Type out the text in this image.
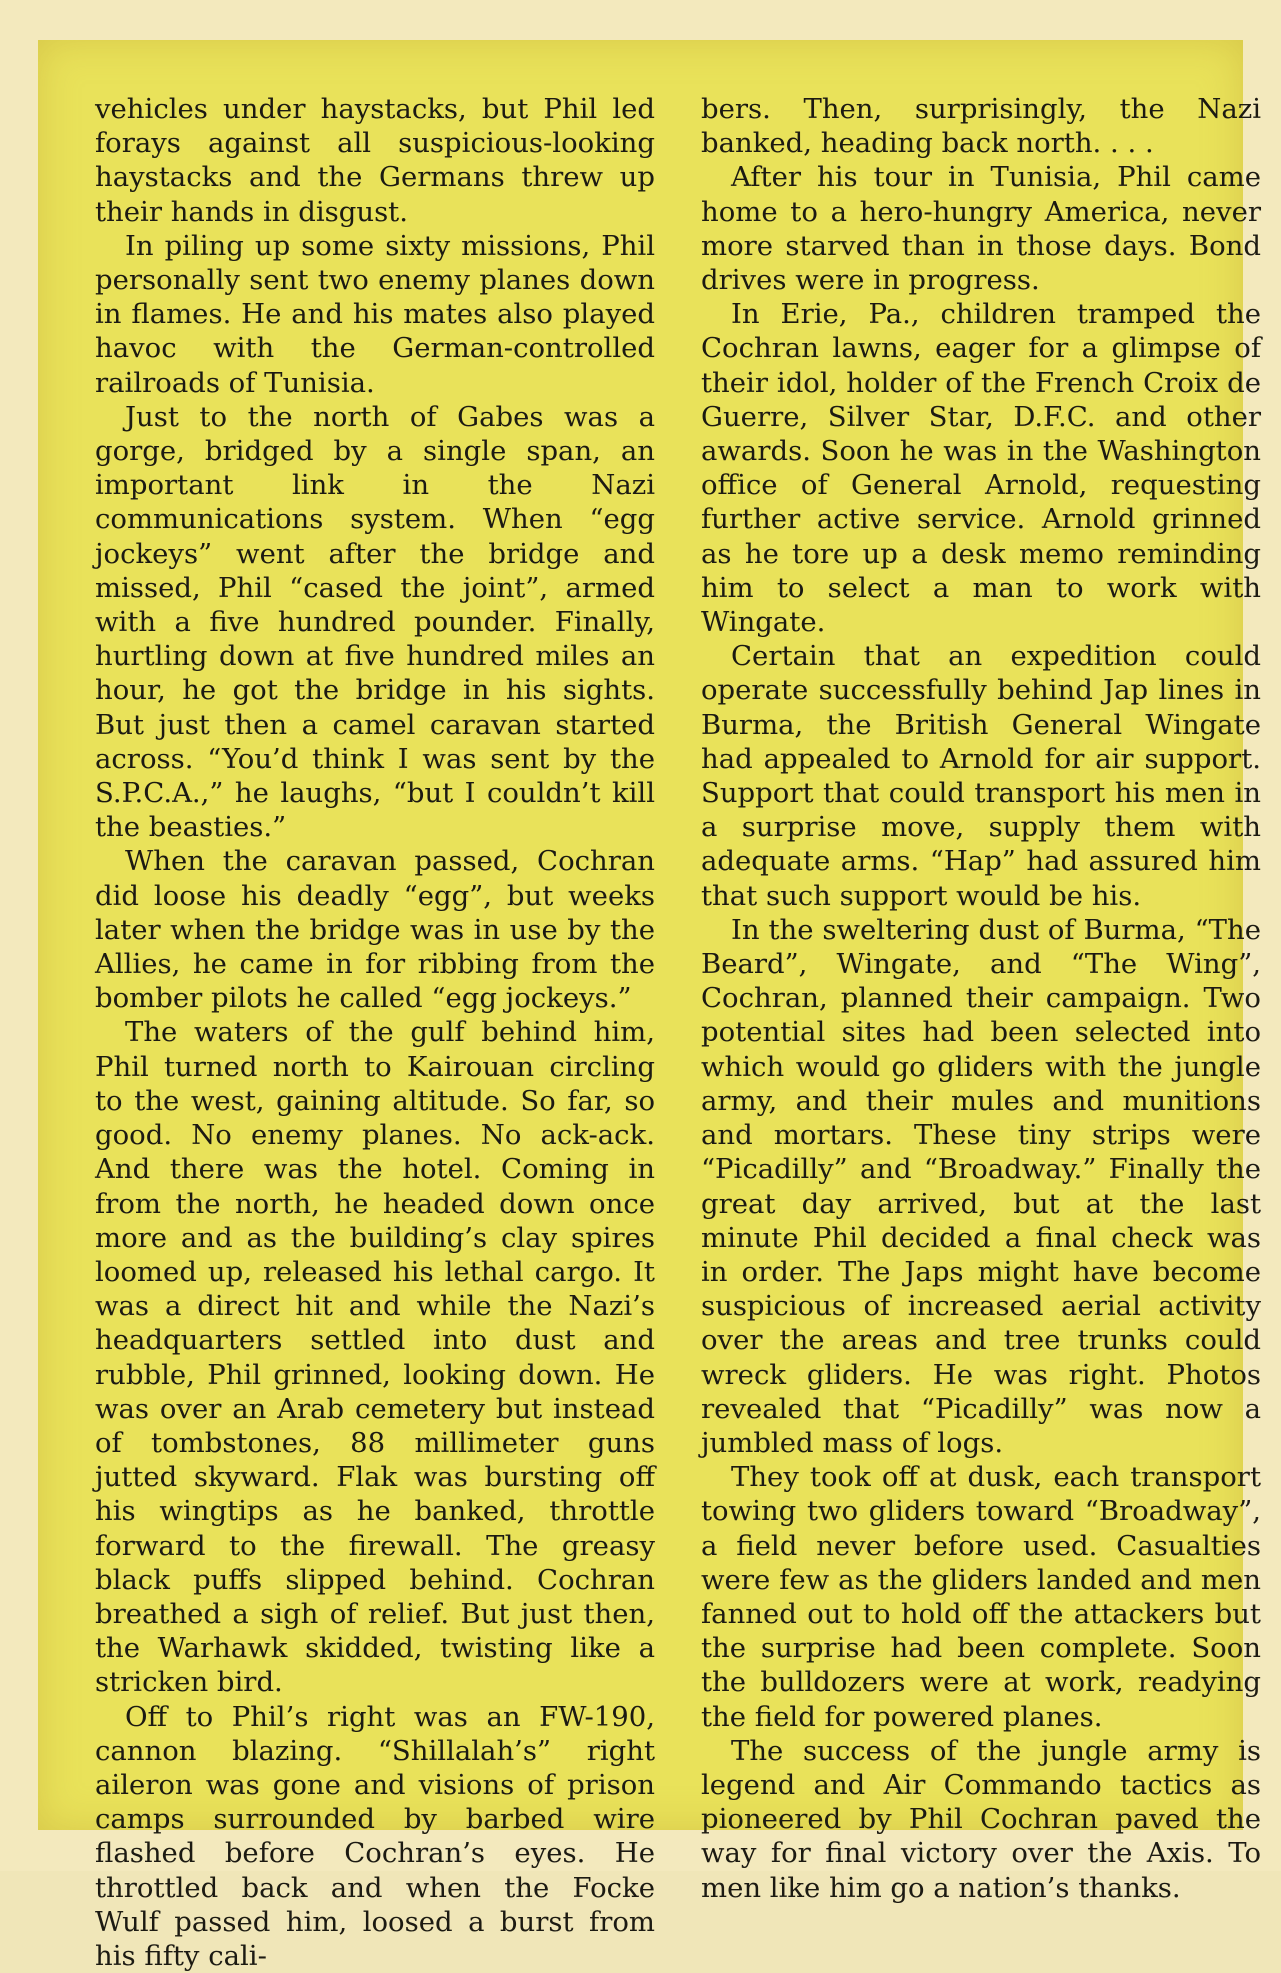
vehicles under haystacks, but Phil led forays against all suspicious-looking haystacks and the Germans threw up their hands in disgust.

In piling up some sixty missions, Phil personally sent two enemy planes down in flames. He and his mates also played havoc with the German-controlled railroads of Tunisia.

Just to the north of Gabes was a gorge, bridged by a single span, an important link in the Nazi communications system. When “egg jockeys” went after the bridge and missed, Phil “cased the joint”, armed with a five hundred pounder. Finally, hurtling down at five hundred miles an hour, he got the bridge in his sights. But just then a camel caravan started across. “You’d think I was sent by the S.P.C.A.,” he laughs, “but I couldn’t kill the beasties.”

When the caravan passed, Cochran did loose his deadly “egg”, but weeks later when the bridge was in use by the Allies, he came in for ribbing from the bomber pilots he called “egg jockeys.”

The waters of the gulf behind him, Phil turned north to Kairouan circling to the west, gaining altitude. So far, so good. No enemy planes. No ack-ack. And there was the hotel. Coming in from the north, he headed down once more and as the building’s clay spires loomed up, released his lethal cargo. It was a direct hit and while the Nazi’s headquarters settled into dust and rubble, Phil grinned, looking down. He was over an Arab cemetery but instead of tombstones, 88 millimeter guns jutted skyward. Flak was bursting off his wingtips as he banked, throttle forward to the firewall. The greasy black puffs slipped behind. Cochran breathed a sigh of relief. But just then, the Warhawk skidded, twisting like a stricken bird.

Off to Phil’s right was an FW-190, cannon blazing. “Shillalah’s” right aileron was gone and visions of prison camps surrounded by barbed wire flashed before Cochran’s eyes. He throttled back and when the Focke Wulf passed him, loosed a burst from his fifty cali-

bers. Then, surprisingly, the Nazi banked, heading back north. . . .

After his tour in Tunisia, Phil came home to a hero-hungry America, never more starved than in those days. Bond drives were in progress.

In Erie, Pa., children tramped the Cochran lawns, eager for a glimpse of their idol, holder of the French Croix de Guerre, Silver Star, D.F.C. and other awards. Soon he was in the Washington office of General Arnold, requesting further active service. Arnold grinned as he tore up a desk memo reminding him to select a man to work with Wingate.

Certain that an expedition could operate successfully behind Jap lines in Burma, the British General Wingate had appealed to Arnold for air support. Support that could transport his men in a surprise move, supply them with adequate arms. “Hap” had assured him that such support would be his.

In the sweltering dust of Burma, “The Beard”, Wingate, and “The Wing”, Cochran, planned their campaign. Two potential sites had been selected into which would go gliders with the jungle army, and their mules and munitions and mortars. These tiny strips were “Picadilly” and “Broadway.” Finally the great day arrived, but at the last minute Phil decided a final check was in order. The Japs might have become suspicious of increased aerial activity over the areas and tree trunks could wreck gliders. He was right. Photos revealed that “Picadilly” was now a jumbled mass of logs.

They took off at dusk, each transport towing two gliders toward “Broadway”, a field never before used. Casualties were few as the gliders landed and men fanned out to hold off the attackers but the surprise had been complete. Soon the bulldozers were at work, readying the field for powered planes.

The success of the jungle army is legend and Air Commando tactics as pioneered by Phil Cochran paved the way for final victory over the Axis. To men like him go a nation’s thanks.
